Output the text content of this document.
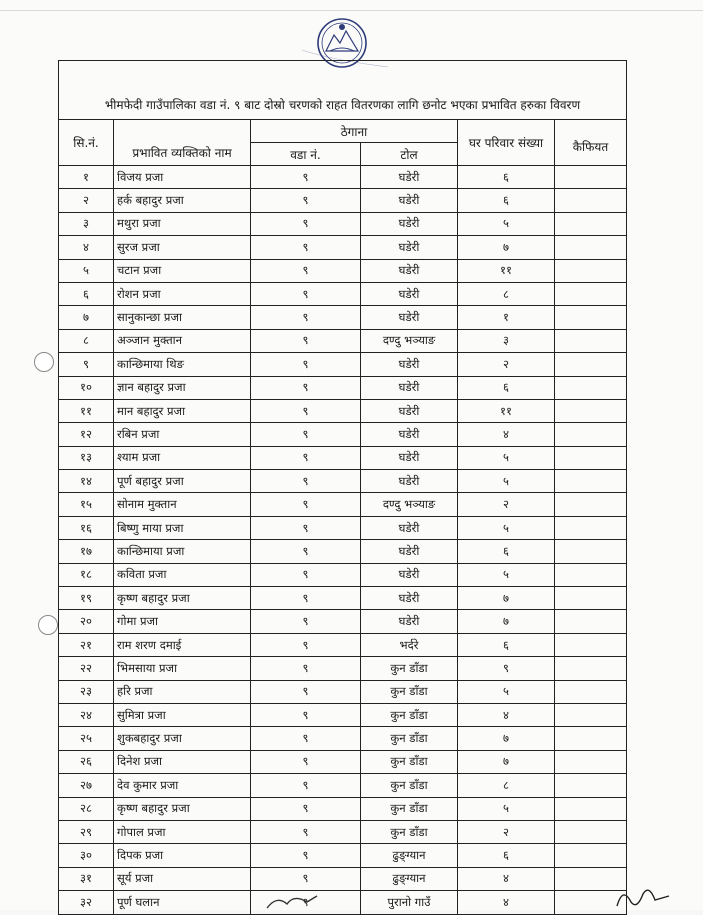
भीमफेदी गाउँपालिका वडा नं. ९ बाट दोस्रो चरणको राहत वितरणका लागि छनोट भएका प्रभावित हरुका विवरण					
सि.नं.	प्रभावित व्यक्तिको नाम	ठेगाना		घर परिवार संख्या	कैफियत
		वडा नं.	टोल		
१	विजय प्रजा	९	घडेरी	६	
२	हर्क बहादुर प्रजा	९	घडेरी	६	
३	मथुरा प्रजा	९	घडेरी	५	
४	सुरज प्रजा	९	घडेरी	७	
५	चटान प्रजा	९	घडेरी	११	
६	रोशन प्रजा	९	घडेरी	८	
७	सानुकान्छा प्रजा	९	घडेरी	१	
८	अञ्जान मुक्तान	९	दण्दु भञ्याङ	३	
९	कान्छिमाया थिङ	९	घडेरी	२	
१०	ज्ञान बहादुर प्रजा	९	घडेरी	६	
११	मान बहादुर प्रजा	९	घडेरी	११	
१२	रबिन प्रजा	९	घडेरी	४	
१३	श्याम प्रजा	९	घडेरी	५	
१४	पूर्ण बहादुर प्रजा	९	घडेरी	५	
१५	सोनाम मुक्तान	९	दण्दु भञ्याङ	२	
१६	बिष्णु माया प्रजा	९	घडेरी	५	
१७	कान्छिमाया प्रजा	९	घडेरी	६	
१८	कविता प्रजा	९	घडेरी	५	
१९	कृष्ण बहादुर प्रजा	९	घडेरी	७	
२०	गोमा प्रजा	९	घडेरी	७	
२१	राम शरण दमाई	९	भर्दरे	६	
२२	भिमसाया प्रजा	९	कुन डाँडा	९	
२३	हरि प्रजा	९	कुन डाँडा	५	
२४	सुमित्रा प्रजा	९	कुन डाँडा	४	
२५	शुकबहादुर प्रजा	९	कुन डाँडा	७	
२६	दिनेश प्रजा	९	कुन डाँडा	७	
२७	देव कुमार प्रजा	९	कुन डाँडा	८	
२८	कृष्ण बहादुर प्रजा	९	कुन डाँडा	५	
२९	गोपाल प्रजा	९	कुन डाँडा	२	
३०	दिपक प्रजा	९	ढुङ्ग्यान	६	
३१	सूर्य प्रजा	९	ढुङ्ग्यान	४	
३२	पूर्ण घलान	९	पुरानो गाउँ	४	
